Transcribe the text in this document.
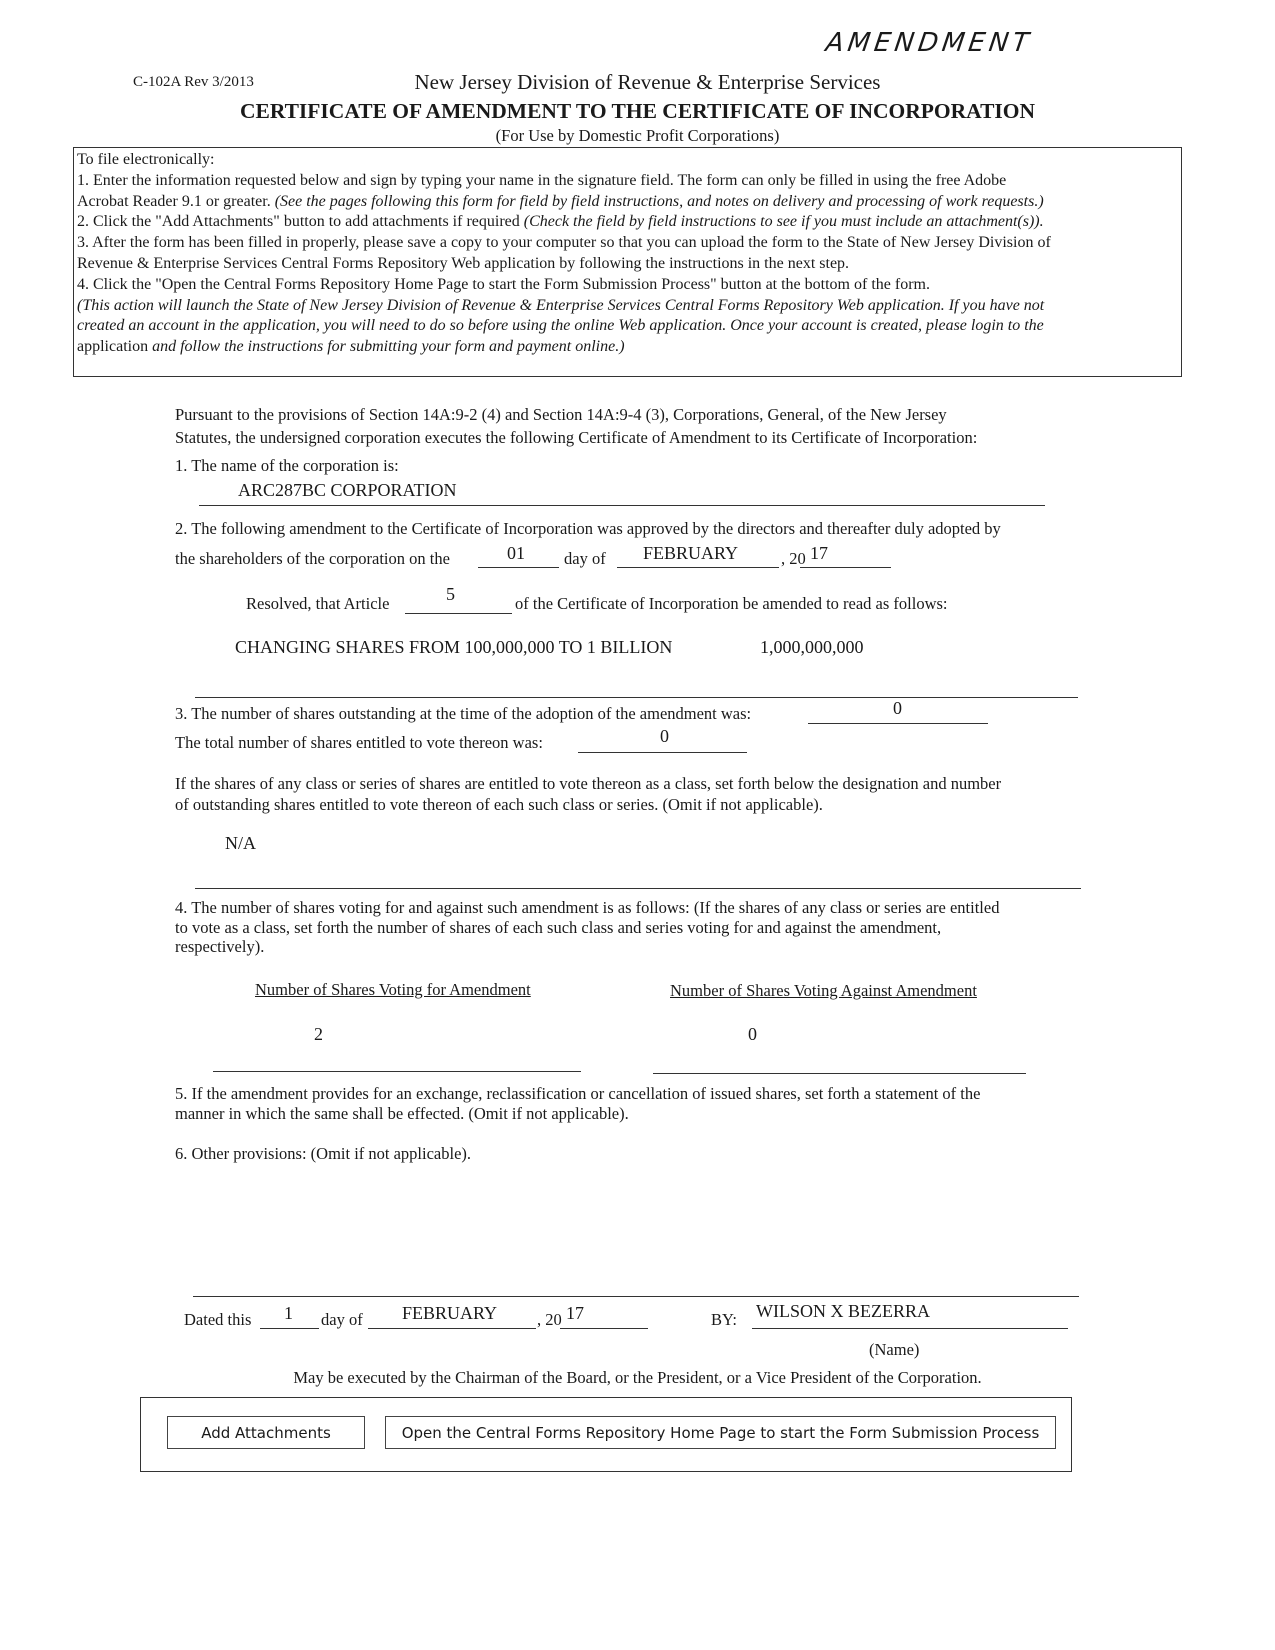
AMENDMENT
C-102A Rev 3/2013	New Jersey Division of Revenue & Enterprise Services
CERTIFICATE OF AMENDMENT TO THE CERTIFICATE OF INCORPORATION
(For Use by Domestic Profit Corporations)
To file electronically:
1. Enter the information requested below and sign by typing your name in the signature field. The form can only be filled in using the free Adobe
Acrobat Reader 9.1 or greater. (See the pages following this form for field by field instructions, and notes on delivery and processing of work requests.)
2. Click the "Add Attachments" button to add attachments if required (Check the field by field instructions to see if you must include an attachment(s)).
3. After the form has been filled in properly, please save a copy to your computer so that you can upload the form to the State of New Jersey Division of
Revenue & Enterprise Services Central Forms Repository Web application by following the instructions in the next step.
4. Click the "Open the Central Forms Repository Home Page to start the Form Submission Process" button at the bottom of the form.
(This action will launch the State of New Jersey Division of Revenue & Enterprise Services Central Forms Repository Web application. If you have not
created an account in the application, you will need to do so before using the online Web application. Once your account is created, please login to the
application and follow the instructions for submitting your form and payment online.)
Pursuant to the provisions of Section 14A:9-2 (4) and Section 14A:9-4 (3), Corporations, General, of the New Jersey
Statutes, the undersigned corporation executes the following Certificate of Amendment to its Certificate of Incorporation:
1. The name of the corporation is:
ARC287BC CORPORATION
2. The following amendment to the Certificate of Incorporation was approved by the directors and thereafter duly adopted by
the shareholders of the corporation on the	01 day of FEBRUARY	, 20 17
Resolved, that Article	5	of the Certificate of Incorporation be amended to read as follows:
CHANGING SHARES FROM 100,000,000 TO 1 BILLION	1,000,000,000
3. The number of shares outstanding at the time of the adoption of the amendment was:	0
The total number of shares entitled to vote thereon was:	0
If the shares of any class or series of shares are entitled to vote thereon as a class, set forth below the designation and number
of outstanding shares entitled to vote thereon of each such class or series. (Omit if not applicable).
N/A
4. The number of shares voting for and against such amendment is as follows: (If the shares of any class or series are entitled
to vote as a class, set forth the number of shares of each such class and series voting for and against the amendment,
respectively).
Number of Shares Voting for Amendment	Number of Shares Voting Against Amendment
2	0
5. If the amendment provides for an exchange, reclassification or cancellation of issued shares, set forth a statement of the
manner in which the same shall be effected. (Omit if not applicable).
6. Other provisions: (Omit if not applicable).
Dated this 1 day of FEBRUARY , 20 17	BY: WILSON X BEZERRA
(Name)
May be executed by the Chairman of the Board, or the President, or a Vice President of the Corporation.
Add Attachments	Open the Central Forms Repository Home Page to start the Form Submission Process
